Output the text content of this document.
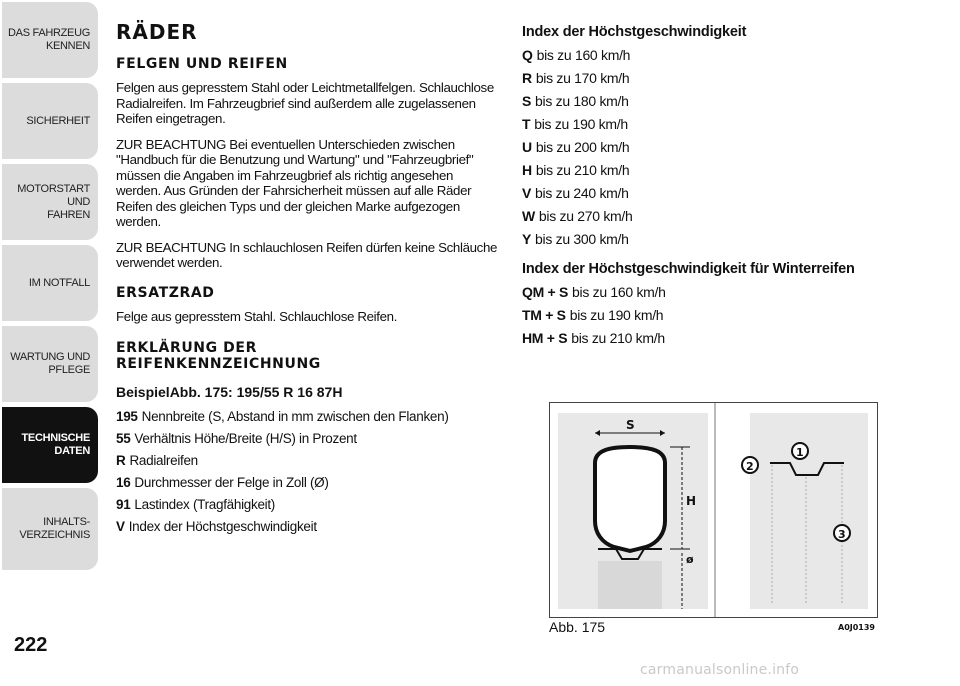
DAS FAHRZEUG
KENNEN
SICHERHEIT
MOTORSTART UND
FAHREN
IM NOTFALL
WARTUNG UND
PFLEGE
TECHNISCHE
DATEN
INHALTS-
VERZEICHNIS
222
RÄDER
FELGEN UND REIFEN

Felgen aus gepresstem Stahl oder Leichtmetallfelgen. Schlauchlose Radialreifen. Im Fahrzeugbrief sind außerdem alle zugelassenen Reifen eingetragen.

ZUR BEACHTUNG Bei eventuellen Unterschieden zwischen "Handbuch für die Benutzung und Wartung" und "Fahrzeugbrief" müssen die Angaben im Fahrzeugbrief als richtig angesehen werden. Aus Gründen der Fahrsicherheit müssen auf alle Räder Reifen des gleichen Typs und der gleichen Marke aufgezogen werden.

ZUR BEACHTUNG In schlauchlosen Reifen dürfen keine Schläuche verwendet werden.

ERSATZRAD

Felge aus gepresstem Stahl. Schlauchlose Reifen.

ERKLÄRUNG DER
REIFENKENNZEICHNUNG
BeispielAbb. 175: 195/55 R 16 87H
195 Nennbreite (S, Abstand in mm zwischen den Flanken)
55 Verhältnis Höhe/Breite (H/S) in Prozent
R Radialreifen
16 Durchmesser der Felge in Zoll (Ø)
91 Lastindex (Tragfähigkeit)
V Index der Höchstgeschwindigkeit
Index der Höchstgeschwindigkeit
Q bis zu 160 km/h
R bis zu 170 km/h
S bis zu 180 km/h
T bis zu 190 km/h
U bis zu 200 km/h
H bis zu 210 km/h
V bis zu 240 km/h
W bis zu 270 km/h
Y bis zu 300 km/h
Index der Höchstgeschwindigkeit für Winterreifen
QM + S bis zu 160 km/h
TM + S bis zu 190 km/h
HM + S bis zu 210 km/h
S
H
ø
1
2
3
Abb. 175	A0J0139
carmanualsonline.info
